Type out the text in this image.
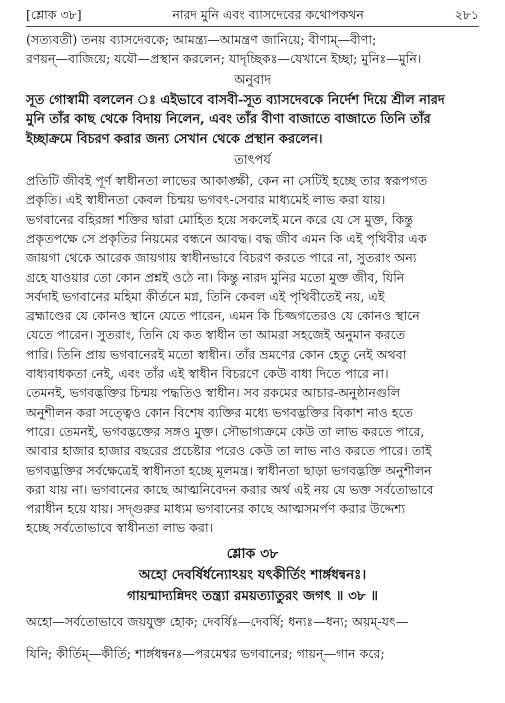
[শ্লোক ৩৮]	নারদ মুনি এবং ব্যাসদেবের কথোপকথন	২৮১

(সত্যবতী) তনয় ব্যাসদেবকে; আমন্ত্র্য—আমন্ত্রণ জানিয়ে; বীণাম্—বীণা;

রণয়ন্—বাজিয়ে; যযৌ—প্রস্থান করলেন; যাদৃচ্ছিকঃ—যেখানে ইচ্ছা; মুনিঃ—মুনি।

অনুবাদ

সূত গোস্বামী বললেন ঃ এইভাবে বাসবী-সূত ব্যাসদেবকে নির্দেশ দিয়ে শ্রীল নারদ

মুনি তাঁর কাছ থেকে বিদায় নিলেন, এবং তাঁর বীণা বাজাতে বাজাতে তিনি তাঁর

ইচ্ছাক্রমে বিচরণ করার জন্য সেখান থেকে প্রস্থান করলেন।

তাৎপর্য

প্রতিটি জীবই পূর্ণ স্বাধীনতা লাভের আকাঙ্ক্ষী, কেন না সেটিই হচ্ছে তার স্বরূপগত

প্রকৃতি। এই স্বাধীনতা কেবল চিন্ময় ভগবৎ-সেবার মাধ্যমেই লাভ করা যায়।

ভগবানের বহিরঙ্গা শক্তির দ্বারা মোহিত হয়ে সকলেই মনে করে যে সে মুক্ত, কিন্তু

প্রকৃতপক্ষে সে প্রকৃতির নিয়মের বন্ধনে আবদ্ধ। বদ্ধ জীব এমন কি এই পৃথিবীর এক

জায়গা থেকে আরেক জায়গায় স্বাধীনভাবে বিচরণ করতে পারে না, সুতরাং অন্য

গ্রহে যাওয়ার তো কোন প্রশ্নই ওঠে না। কিন্তু নারদ মুনির মতো মুক্ত জীব, যিনি

সর্বদাই ভগবানের মহিমা কীর্তনে মগ্ন, তিনি কেবল এই পৃথিবীতেই নয়, এই

ব্রহ্মাণ্ডের যে কোনও স্থানে যেতে পারেন, এমন কি চিজ্জগতেরও যে কোনও স্থানে

যেতে পারেন। সুতরাং, তিনি যে কত স্বাধীন তা আমরা সহজেই অনুমান করতে

পারি। তিনি প্রায় ভগবানেরই মতো স্বাধীন। তাঁর ভ্রমণের কোন হেতু নেই অথবা

বাধ্যবাধকতা নেই, এবং তাঁর এই স্বাধীন বিচরণে কেউ বাধা দিতে পারে না।

তেমনই, ভগবদ্ভক্তির চিন্ময় পদ্ধতিও স্বাধীন। সব রকমের আচার-অনুষ্ঠানগুলি

অনুশীলন করা সত্ত্বেও কোন বিশেষ ব্যক্তির মধ্যে ভগবদ্ভক্তির বিকাশ নাও হতে

পারে। তেমনই, ভগবদ্ভক্তের সঙ্গও মুক্ত। সৌভাগ্যক্রমে কেউ তা লাভ করতে পারে,

আবার হাজার হাজার বছরের প্রচেষ্টার পরেও কেউ তা লাভ নাও করতে পারে। তাই

ভগবদ্ভক্তির সর্বক্ষেত্রেই স্বাধীনতা হচ্ছে মূলমন্ত্র। স্বাধীনতা ছাড়া ভগবদ্ভক্তি অনুশীলন

করা যায় না। ভগবানের কাছে আত্মনিবেদন করার অর্থ এই নয় যে ভক্ত সর্বতোভাবে

পরাধীন হয়ে যায়। সদ্গুরুর মাধ্যম ভগবানের কাছে আত্মসমর্পণ করার উদ্দেশ্য

হচ্ছে সর্বতোভাবে স্বাধীনতা লাভ করা।

শ্লোক ৩৮
অহো দেবর্ষির্ধন্যোঽয়ং যৎকীর্তিং শার্ঙ্গধন্বনঃ।
গায়ন্মাদ্যন্নিদং তন্ত্র্যা রময়ত্যাতুরং জগৎ ॥ ৩৮ ॥

অহো—সর্বতোভাবে জয়যুক্ত হোক; দেবর্ষিঃ—দেবর্ষি; ধন্যঃ—ধন্য; অয়ম্-যৎ—

যিনি; কীর্তিম্—কীর্তি; শার্ঙ্গধন্বনঃ—পরমেশ্বর ভগবানের; গায়ন্—গান করে;
